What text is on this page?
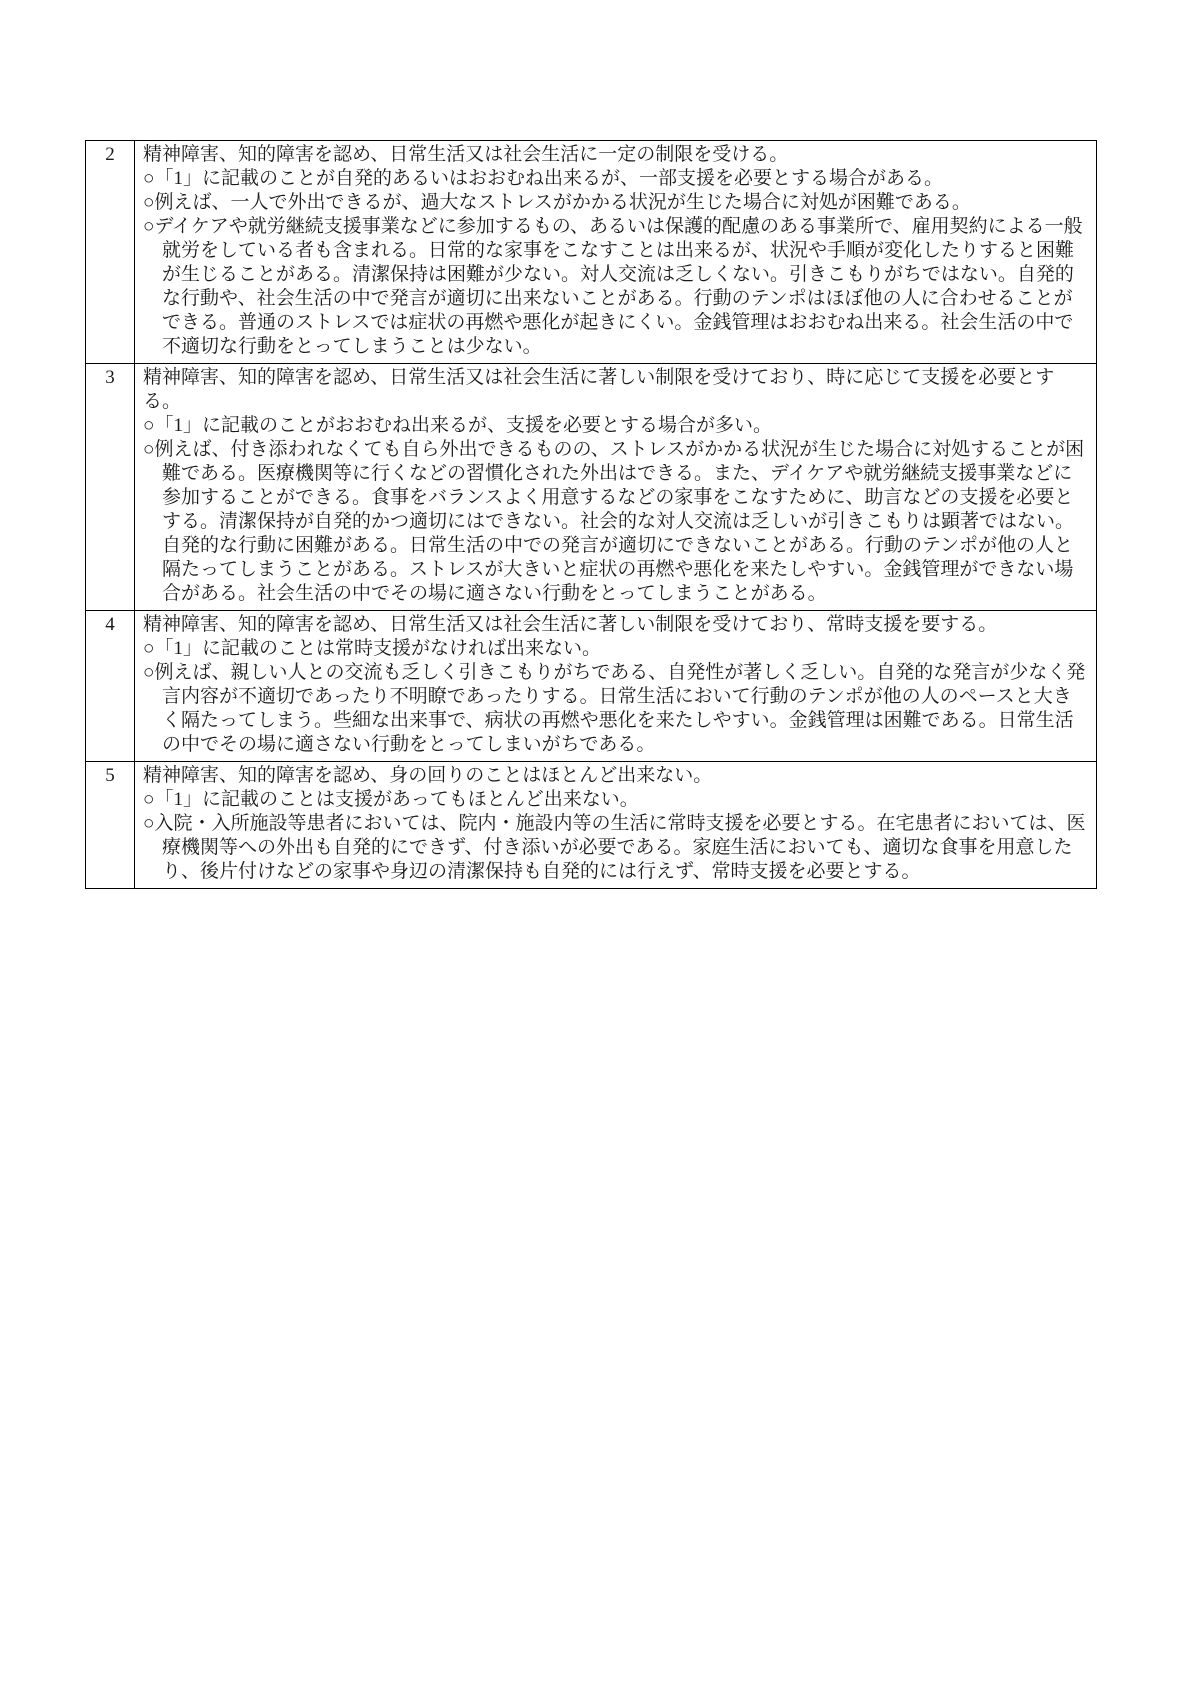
2	精神障害、知的障害を認め、日常生活又は社会生活に一定の制限を受ける。

○「1」に記載のことが自発的あるいはおおむね出来るが、一部支援を必要とする場合がある。

○例えば、一人で外出できるが、過大なストレスがかかる状況が生じた場合に対処が困難である。

○デイケアや就労継続支援事業などに参加するもの、あるいは保護的配慮のある事業所で、雇用契約による一般就労をしている者も含まれる。日常的な家事をこなすことは出来るが、状況や手順が変化したりすると困難が生じることがある。清潔保持は困難が少ない。対人交流は乏しくない。引きこもりがちではない。自発的な行動や、社会生活の中で発言が適切に出来ないことがある。行動のテンポはほぼ他の人に合わせることができる。普通のストレスでは症状の再燃や悪化が起きにくい。金銭管理はおおむね出来る。社会生活の中で不適切な行動をとってしまうことは少ない。

3	精神障害、知的障害を認め、日常生活又は社会生活に著しい制限を受けており、時に応じて支援を必要とする。

○「1」に記載のことがおおむね出来るが、支援を必要とする場合が多い。

○例えば、付き添われなくても自ら外出できるものの、ストレスがかかる状況が生じた場合に対処することが困難である。医療機関等に行くなどの習慣化された外出はできる。また、デイケアや就労継続支援事業などに参加することができる。食事をバランスよく用意するなどの家事をこなすために、助言などの支援を必要とする。清潔保持が自発的かつ適切にはできない。社会的な対人交流は乏しいが引きこもりは顕著ではない。自発的な行動に困難がある。日常生活の中での発言が適切にできないことがある。行動のテンポが他の人と隔たってしまうことがある。ストレスが大きいと症状の再燃や悪化を来たしやすい。金銭管理ができない場合がある。社会生活の中でその場に適さない行動をとってしまうことがある。

4	精神障害、知的障害を認め、日常生活又は社会生活に著しい制限を受けており、常時支援を要する。

○「1」に記載のことは常時支援がなければ出来ない。

○例えば、親しい人との交流も乏しく引きこもりがちである、自発性が著しく乏しい。自発的な発言が少なく発言内容が不適切であったり不明瞭であったりする。日常生活において行動のテンポが他の人のペースと大きく隔たってしまう。些細な出来事で、病状の再燃や悪化を来たしやすい。金銭管理は困難である。日常生活の中でその場に適さない行動をとってしまいがちである。

5	精神障害、知的障害を認め、身の回りのことはほとんど出来ない。

○「1」に記載のことは支援があってもほとんど出来ない。

○入院・入所施設等患者においては、院内・施設内等の生活に常時支援を必要とする。在宅患者においては、医療機関等への外出も自発的にできず、付き添いが必要である。家庭生活においても、適切な食事を用意したり、後片付けなどの家事や身辺の清潔保持も自発的には行えず、常時支援を必要とする。
